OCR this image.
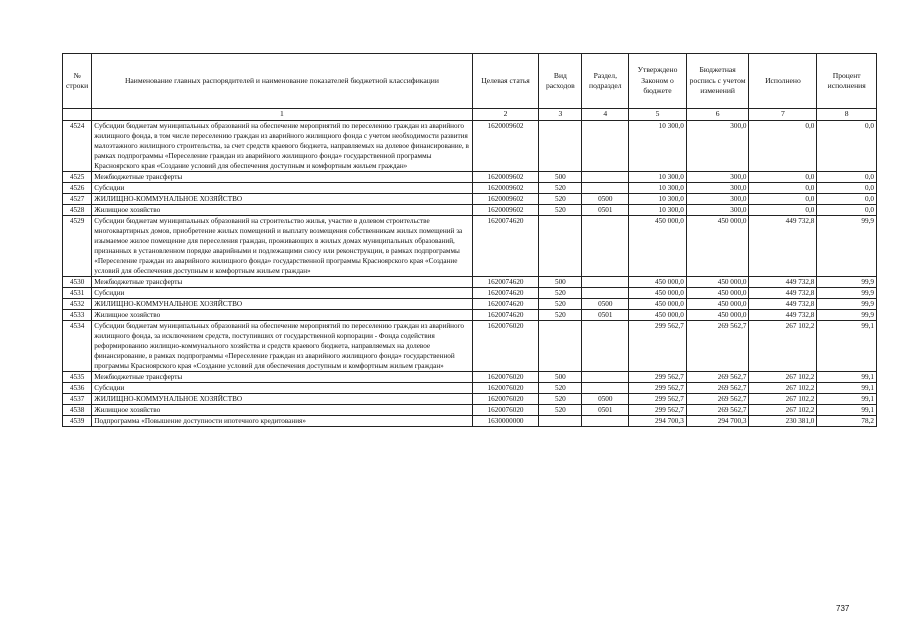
№ строки	Наименование главных распорядителей и наименование показателей бюджетной классификации	Целевая статья	Вид расходов	Раздел, подраздел	Утверждено Законом о бюджете	Бюджетная роспись с учетом изменений	Исполнено	Процент исполнения
	1	2	3	4	5	6	7	8
4524	Субсидии бюджетам муниципальных образований на обеспечение мероприятий по переселению граждан из аварийного жилищного фонда, в том числе переселению граждан из аварийного жилищного фонда с учетом необходимости развития малоэтажного жилищного строительства, за счет средств краевого бюджета, направляемых на долевое финансирование, в рамках подпрограммы «Переселение граждан из аварийного жилищного фонда» государственной программы Красноярского края «Создание условий для обеспечения доступным и комфортным жильем граждан»	1620009602			10 300,0	300,0	0,0	0,0
4525	Межбюджетные трансферты	1620009602	500		10 300,0	300,0	0,0	0,0
4526	Субсидии	1620009602	520		10 300,0	300,0	0,0	0,0
4527	ЖИЛИЩНО-КОММУНАЛЬНОЕ ХОЗЯЙСТВО	1620009602	520	0500	10 300,0	300,0	0,0	0,0
4528	Жилищное хозяйство	1620009602	520	0501	10 300,0	300,0	0,0	0,0
4529	Субсидии бюджетам муниципальных образований на строительство жилья, участие в долевом строительстве многоквартирных домов, приобретение жилых помещений и выплату возмещения собственникам жилых помещений за изымаемое жилое помещение для переселения граждан, проживающих в жилых домах муниципальных образований, признанных в установленном порядке аварийными и подлежащими сносу или реконструкции, в рамках подпрограммы «Переселение граждан из аварийного жилищного фонда» государственной программы Красноярского края «Создание условий для обеспечения доступным и комфортным жильем граждан»	1620074620			450 000,0	450 000,0	449 732,8	99,9
4530	Межбюджетные трансферты	1620074620	500		450 000,0	450 000,0	449 732,8	99,9
4531	Субсидии	1620074620	520		450 000,0	450 000,0	449 732,8	99,9
4532	ЖИЛИЩНО-КОММУНАЛЬНОЕ ХОЗЯЙСТВО	1620074620	520	0500	450 000,0	450 000,0	449 732,8	99,9
4533	Жилищное хозяйство	1620074620	520	0501	450 000,0	450 000,0	449 732,8	99,9
4534	Субсидии бюджетам муниципальных образований на обеспечение мероприятий по переселению граждан из аварийного жилищного фонда, за исключением средств, поступивших от государственной корпорации - Фонда содействия реформированию жилищно-коммунального хозяйства и средств краевого бюджета, направляемых на долевое финансирование, в рамках подпрограммы «Переселение граждан из аварийного жилищного фонда» государственной программы Красноярского края «Создание условий для обеспечения доступным и комфортным жильем граждан»	1620076020			299 562,7	269 562,7	267 102,2	99,1
4535	Межбюджетные трансферты	1620076020	500		299 562,7	269 562,7	267 102,2	99,1
4536	Субсидии	1620076020	520		299 562,7	269 562,7	267 102,2	99,1
4537	ЖИЛИЩНО-КОММУНАЛЬНОЕ ХОЗЯЙСТВО	1620076020	520	0500	299 562,7	269 562,7	267 102,2	99,1
4538	Жилищное хозяйство	1620076020	520	0501	299 562,7	269 562,7	267 102,2	99,1
4539	Подпрограмма «Повышение доступности ипотечного кредитования»	1630000000			294 700,3	294 700,3	230 381,0	78,2
737
